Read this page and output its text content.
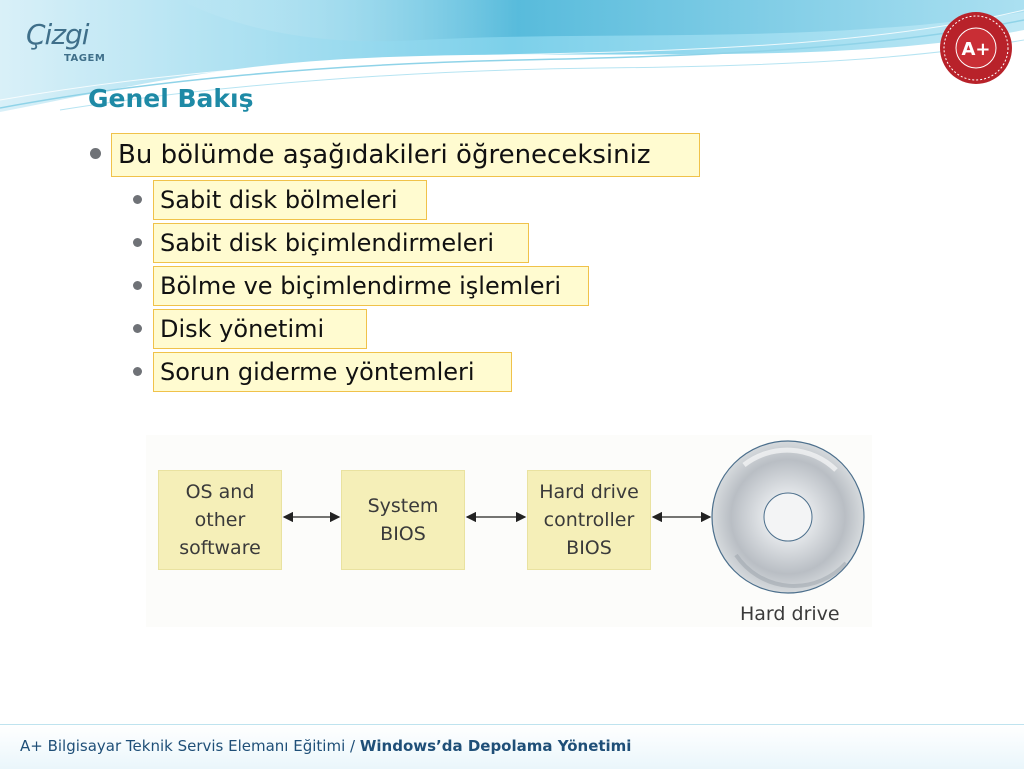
Çizgi
TAGEM	A+
Genel Bakış
Bu bölümde aşağıdakileri öğreneceksiniz
Sabit disk bölmeleri
Sabit disk biçimlendirmeleri
Bölme ve biçimlendirme işlemleri
Disk yönetimi
Sorun giderme yöntemleri
OS and
other
software
System
BIOS
Hard drive
controller
BIOS
Hard drive
A+ Bilgisayar Teknik Servis Elemanı Eğitimi / Windows’da Depolama Yönetimi
